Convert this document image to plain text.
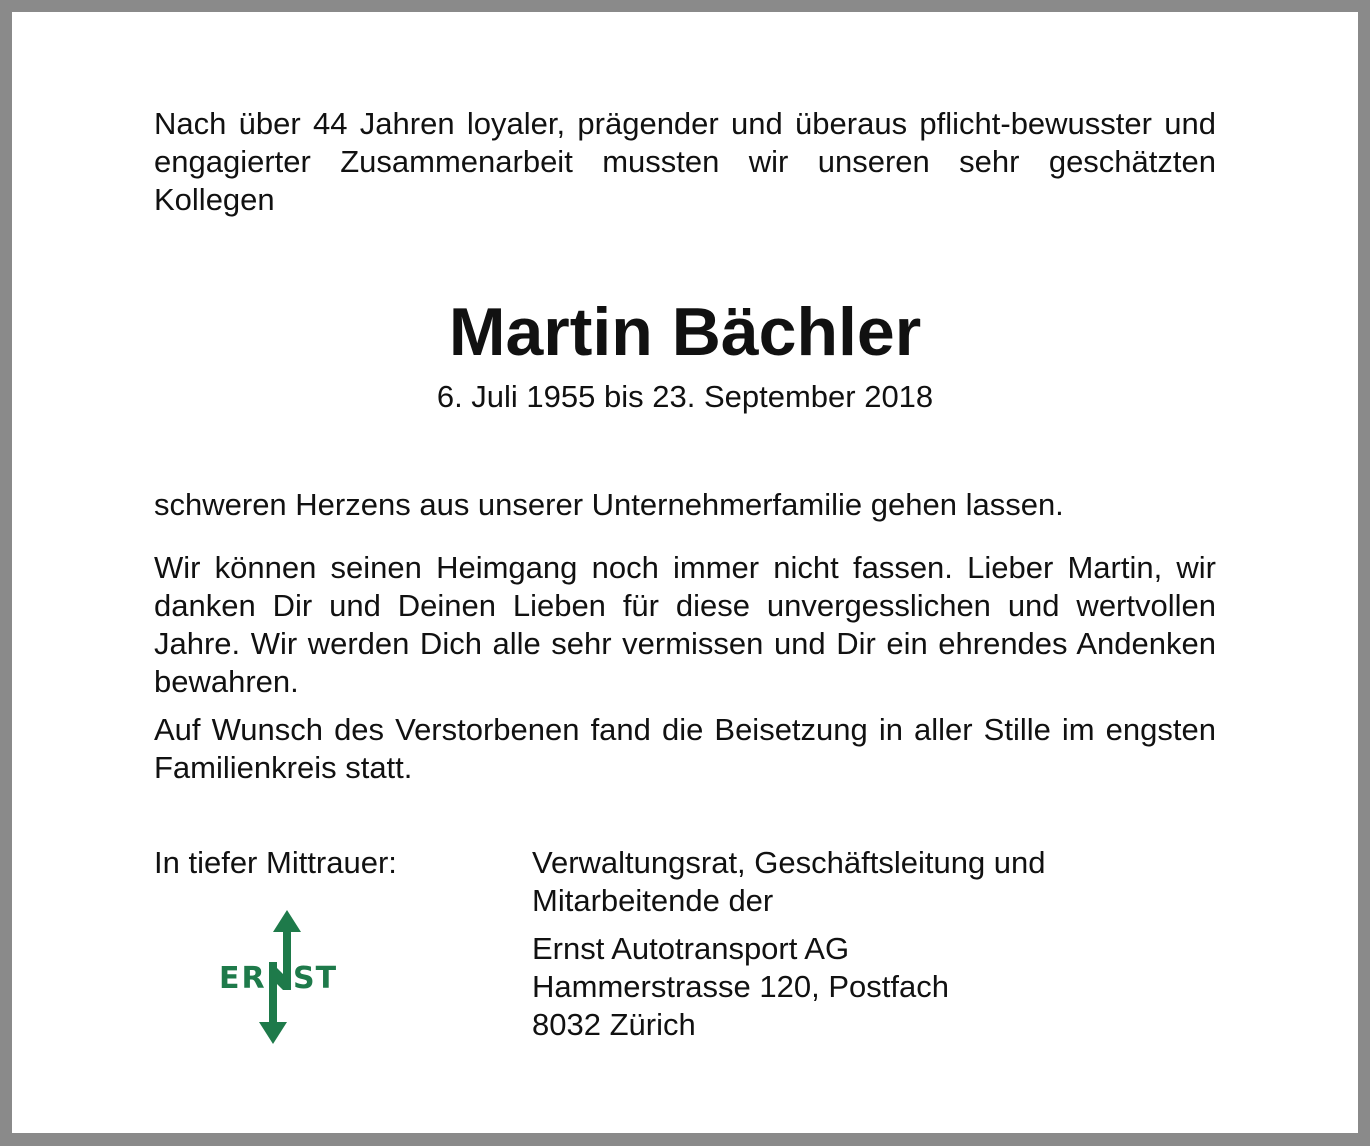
Nach über 44 Jahren loyaler, prägender und überaus pflicht-bewusster und engagierter Zusammenarbeit mussten wir unseren sehr geschätzten Kollegen

Martin Bächler

6. Juli 1955 bis 23. September 2018

schweren Herzens aus unserer Unternehmerfamilie gehen lassen.

Wir können seinen Heimgang noch immer nicht fassen. Lieber Martin, wir danken Dir und Deinen Lieben für diese unvergesslichen und wertvollen Jahre. Wir werden Dich alle sehr vermissen und Dir ein ehrendes Andenken bewahren.

Auf Wunsch des Verstorbenen fand die Beisetzung in aller Stille im engsten Familienkreis statt.

In tiefer Mittrauer:	Verwaltungsrat, Geschäftsleitung und
Mitarbeitende der
Ernst Autotransport AG
Hammerstrasse 120, Postfach
8032 Zürich
ER ST
